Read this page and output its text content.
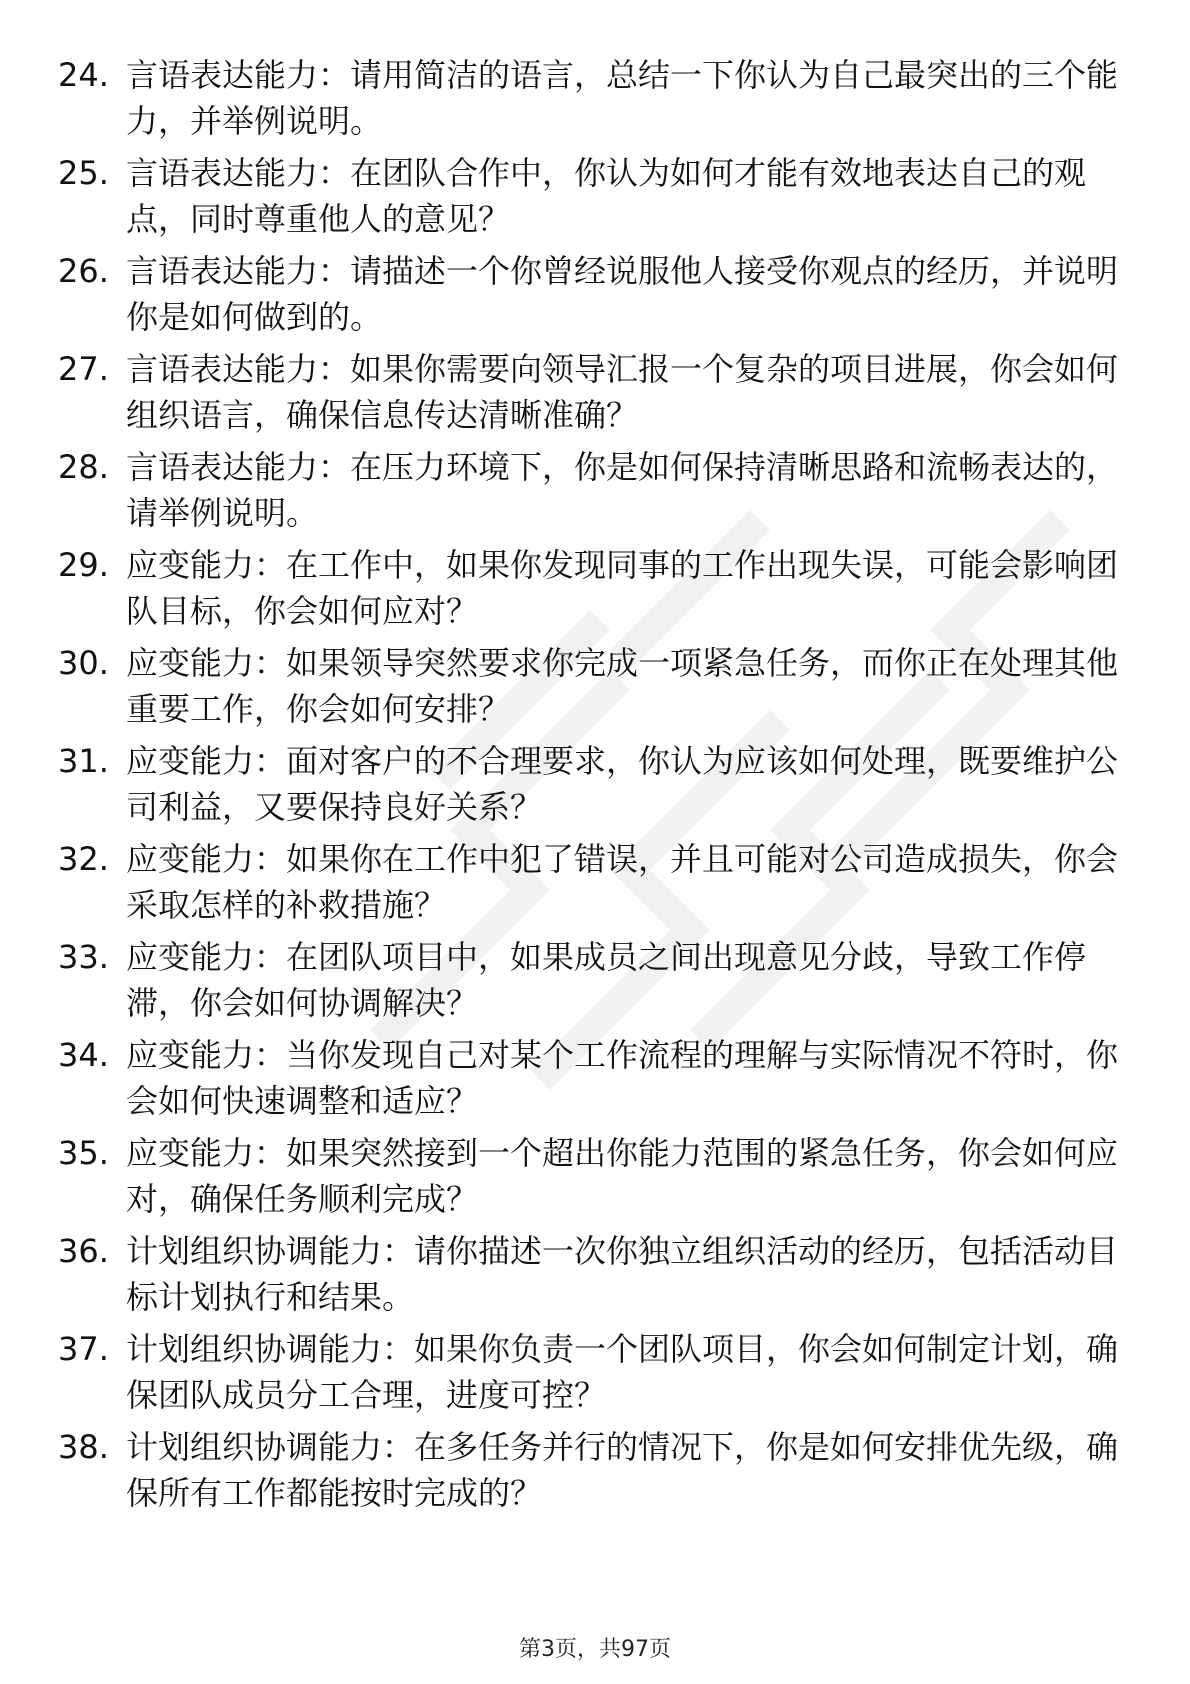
24. 言语表达能力：请用简洁的语言，总结一下你认为自己最突出的三个能力，并举例说明。
25. 言语表达能力：在团队合作中，你认为如何才能有效地表达自己的观点，同时尊重他人的意见？
26. 言语表达能力：请描述一个你曾经说服他人接受你观点的经历，并说明你是如何做到的。
27. 言语表达能力：如果你需要向领导汇报一个复杂的项目进展，你会如何组织语言，确保信息传达清晰准确？
28. 言语表达能力：在压力环境下，你是如何保持清晰思路和流畅表达的，请举例说明。
29. 应变能力：在工作中，如果你发现同事的工作出现失误，可能会影响团队目标，你会如何应对？
30. 应变能力：如果领导突然要求你完成一项紧急任务，而你正在处理其他重要工作，你会如何安排？
31. 应变能力：面对客户的不合理要求，你认为应该如何处理，既要维护公司利益，又要保持良好关系？
32. 应变能力：如果你在工作中犯了错误，并且可能对公司造成损失，你会采取怎样的补救措施？
33. 应变能力：在团队项目中，如果成员之间出现意见分歧，导致工作停滞，你会如何协调解决？
34. 应变能力：当你发现自己对某个工作流程的理解与实际情况不符时，你会如何快速调整和适应？
35. 应变能力：如果突然接到一个超出你能力范围的紧急任务，你会如何应对，确保任务顺利完成？
36. 计划组织协调能力：请你描述一次你独立组织活动的经历，包括活动目标计划执行和结果。
37. 计划组织协调能力：如果你负责一个团队项目，你会如何制定计划，确保团队成员分工合理，进度可控？
38. 计划组织协调能力：在多任务并行的情况下，你是如何安排优先级，确保所有工作都能按时完成的？
第3页，共97页
